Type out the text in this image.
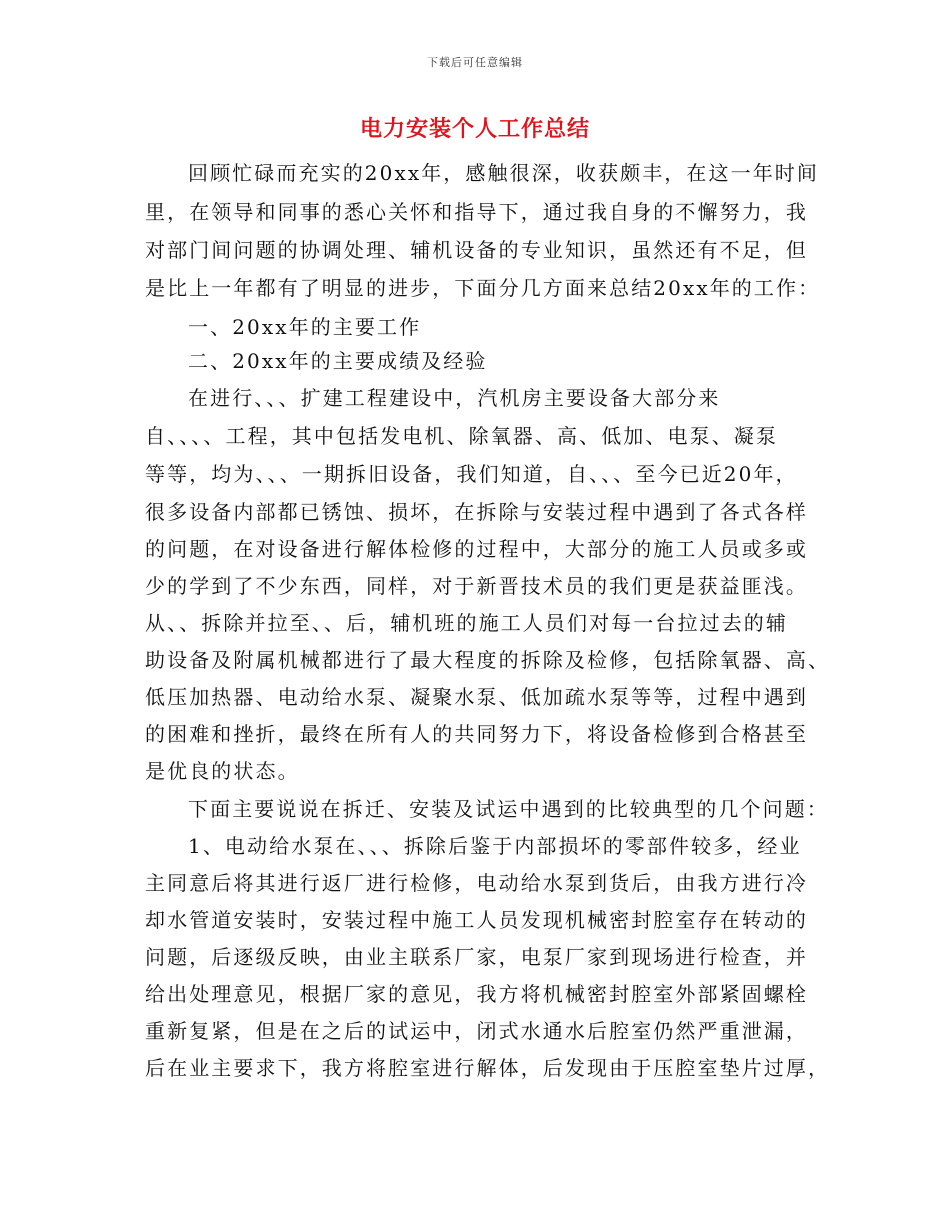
下载后可任意编辑
电力安装个人工作总结
回顾忙碌而充实的20xx年，感触很深，收获颇丰，在这一年时间
里，在领导和同事的悉心关怀和指导下，通过我自身的不懈努力，我
对部门间问题的协调处理、辅机设备的专业知识，虽然还有不足，但
是比上一年都有了明显的进步，下面分几方面来总结20xx年的工作：
一、20xx年的主要工作
二、20xx年的主要成绩及经验
在进行、、、扩建工程建设中，汽机房主要设备大部分来
自、、、、工程，其中包括发电机、除氧器、高、低加、电泵、凝泵
等等，均为、、、一期拆旧设备，我们知道，自、、、至今已近20年，
很多设备内部都已锈蚀、损坏，在拆除与安装过程中遇到了各式各样
的问题，在对设备进行解体检修的过程中，大部分的施工人员或多或
少的学到了不少东西，同样，对于新晋技术员的我们更是获益匪浅。
从、、拆除并拉至、、后，辅机班的施工人员们对每一台拉过去的辅
助设备及附属机械都进行了最大程度的拆除及检修，包括除氧器、高、
低压加热器、电动给水泵、凝聚水泵、低加疏水泵等等，过程中遇到
的困难和挫折，最终在所有人的共同努力下，将设备检修到合格甚至
是优良的状态。
下面主要说说在拆迁、安装及试运中遇到的比较典型的几个问题：
1、电动给水泵在、、、拆除后鉴于内部损坏的零部件较多，经业
主同意后将其进行返厂进行检修，电动给水泵到货后，由我方进行冷
却水管道安装时，安装过程中施工人员发现机械密封腔室存在转动的
问题，后逐级反映，由业主联系厂家，电泵厂家到现场进行检查，并
给出处理意见，根据厂家的意见，我方将机械密封腔室外部紧固螺栓
重新复紧，但是在之后的试运中，闭式水通水后腔室仍然严重泄漏，
后在业主要求下，我方将腔室进行解体，后发现由于压腔室垫片过厚，
